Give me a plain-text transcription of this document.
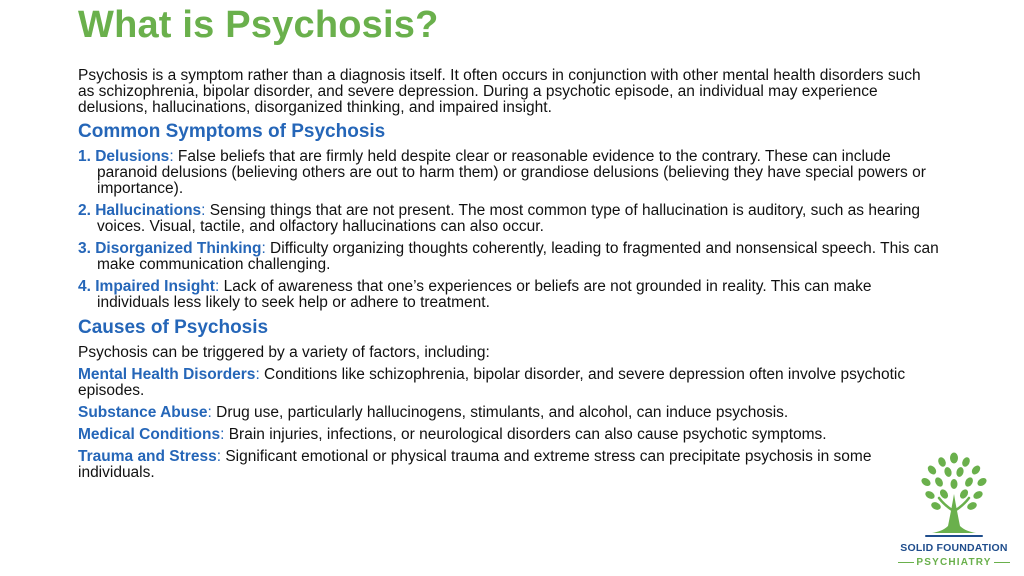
What is Psychosis?

Psychosis is a symptom rather than a diagnosis itself. It often occurs in conjunction with other mental health disorders such as schizophrenia, bipolar disorder, and severe depression. During a psychotic episode, an individual may experience delusions, hallucinations, disorganized thinking, and impaired insight.

Common Symptoms of Psychosis

1. Delusions: False beliefs that are firmly held despite clear or reasonable evidence to the contrary. These can include paranoid delusions (believing others are out to harm them) or grandiose delusions (believing they have special powers or importance).

2. Hallucinations: Sensing things that are not present. The most common type of hallucination is auditory, such as hearing voices. Visual, tactile, and olfactory hallucinations can also occur.

3. Disorganized Thinking: Difficulty organizing thoughts coherently, leading to fragmented and nonsensical speech. This can make communication challenging.

4. Impaired Insight: Lack of awareness that one’s experiences or beliefs are not grounded in reality. This can make individuals less likely to seek help or adhere to treatment.

Causes of Psychosis

Psychosis can be triggered by a variety of factors, including:

Mental Health Disorders: Conditions like schizophrenia, bipolar disorder, and severe depression often involve psychotic episodes.

Substance Abuse: Drug use, particularly hallucinogens, stimulants, and alcohol, can induce psychosis.

Medical Conditions: Brain injuries, infections, or neurological disorders can also cause psychotic symptoms.

Trauma and Stress: Significant emotional or physical trauma and extreme stress can precipitate psychosis in some individuals.

SOLID FOUNDATION
PSYCHIATRY
